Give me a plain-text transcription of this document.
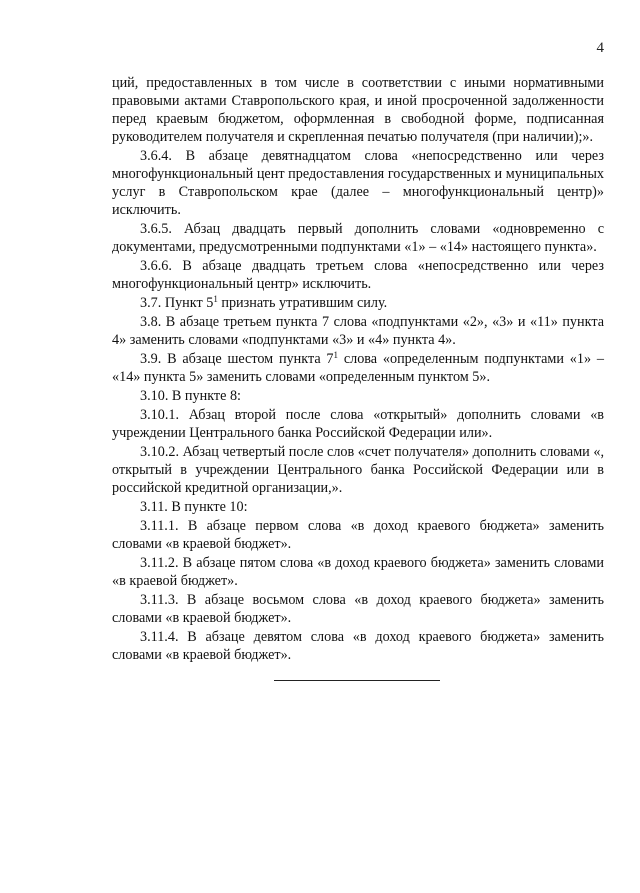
4

ций, предоставленных в том числе в соответствии с иными нормативными правовыми актами Ставропольского края, и иной просроченной задолженности перед краевым бюджетом, оформленная в свободной форме, подписанная руководителем получателя и скрепленная печатью получателя (при наличии);».

3.6.4. В абзаце девятнадцатом слова «непосредственно или через многофункциональный цент предоставления государственных и муниципальных услуг в Ставропольском крае (далее – многофункциональный центр)» исключить.

3.6.5. Абзац двадцать первый дополнить словами «одновременно с документами, предусмотренными подпунктами «1» – «14» настоящего пункта».

3.6.6. В абзаце двадцать третьем слова «непосредственно или через многофункциональный центр» исключить.

3.7. Пункт $5^1$ признать утратившим силу.

3.8. В абзаце третьем пункта 7 слова «подпунктами «2», «3» и «11» пункта 4» заменить словами «подпунктами «3» и «4» пункта 4».

3.9. В абзаце шестом пункта $7^1$ слова «определенным подпунктами «1» – «14» пункта 5» заменить словами «определенным пунктом 5».

3.10. В пункте 8:

3.10.1. Абзац второй после слова «открытый» дополнить словами «в учреждении Центрального банка Российской Федерации или».

3.10.2. Абзац четвертый после слов «счет получателя» дополнить словами «, открытый в учреждении Центрального банка Российской Федерации или в российской кредитной организации,».

3.11. В пункте 10:

3.11.1. В абзаце первом слова «в доход краевого бюджета» заменить словами «в краевой бюджет».

3.11.2. В абзаце пятом слова «в доход краевого бюджета» заменить словами «в краевой бюджет».

3.11.3. В абзаце восьмом слова «в доход краевого бюджета» заменить словами «в краевой бюджет».

3.11.4. В абзаце девятом слова «в доход краевого бюджета» заменить словами «в краевой бюджет».
